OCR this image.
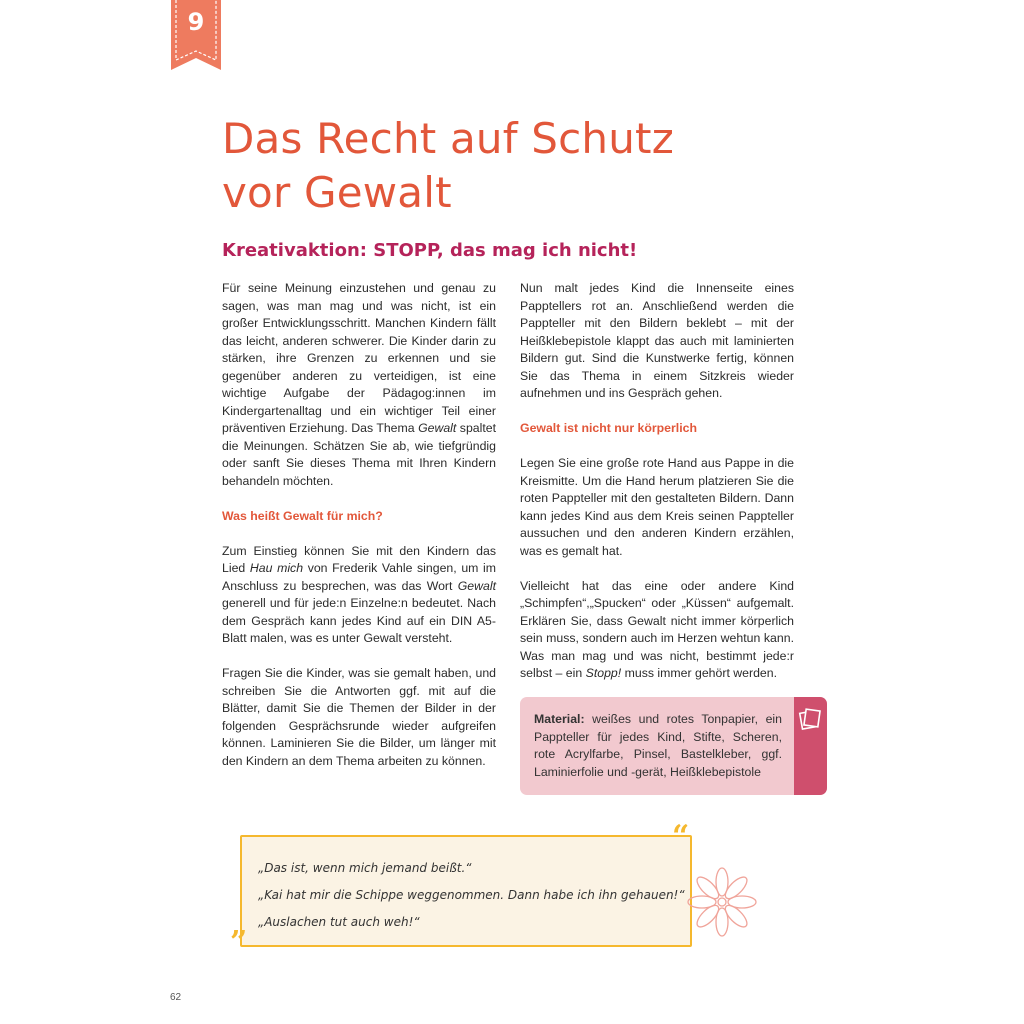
9
Das Recht auf Schutz
vor Gewalt
Kreativaktion: STOPP, das mag ich nicht!

Für seine Meinung einzustehen und genau zu sagen, was man mag und was nicht, ist ein großer Entwicklungsschritt. Manchen Kindern fällt das leicht, anderen schwerer. Die Kinder darin zu stärken, ihre Grenzen zu erkennen und sie gegenüber anderen zu verteidigen, ist eine wichtige Aufgabe der Pädagog:innen im Kindergartenalltag und ein wichtiger Teil einer präventiven Erziehung. Das Thema Gewalt spaltet die Meinungen. Schätzen Sie ab, wie tiefgründig oder sanft Sie dieses Thema mit Ihren Kindern behandeln möchten.

Was heißt Gewalt für mich?

Zum Einstieg können Sie mit den Kindern das Lied Hau mich von Frederik Vahle singen, um im Anschluss zu besprechen, was das Wort Gewalt generell und für jede:n Einzelne:n bedeutet. Nach dem Gespräch kann jedes Kind auf ein DIN A5-Blatt malen, was es unter Gewalt versteht.

Fragen Sie die Kinder, was sie gemalt haben, und schreiben Sie die Antworten ggf. mit auf die Blätter, damit Sie die Themen der Bilder in der folgenden Gesprächsrunde wieder aufgreifen können. Laminieren Sie die Bilder, um länger mit den Kindern an dem Thema arbeiten zu können.

Nun malt jedes Kind die Innenseite eines Papptellers rot an. Anschließend werden die Pappteller mit den Bildern beklebt – mit der Heißklebepistole klappt das auch mit laminierten Bildern gut. Sind die Kunstwerke fertig, können Sie das Thema in einem Sitzkreis wieder aufnehmen und ins Gespräch gehen.

Gewalt ist nicht nur körperlich

Legen Sie eine große rote Hand aus Pappe in die Kreismitte. Um die Hand herum platzieren Sie die roten Pappteller mit den gestalteten Bildern. Dann kann jedes Kind aus dem Kreis seinen Pappteller aussuchen und den anderen Kindern erzählen, was es gemalt hat.

Vielleicht hat das eine oder andere Kind „Schimpfen“,„Spucken“ oder „Küssen“ aufgemalt. Erklären Sie, dass Gewalt nicht immer körperlich sein muss, sondern auch im Herzen wehtun kann. Was man mag und was nicht, bestimmt jede:r selbst – ein Stopp! muss immer gehört werden.

Material: weißes und rotes Tonpapier, ein Pappteller für jedes Kind, Stifte, Scheren, rote Acrylfarbe, Pinsel, Bastelkleber, ggf. Laminierfolie und -gerät, Heißklebepistole
„Das ist, wenn mich jemand beißt.“
„Kai hat mir die Schippe weggenommen. Dann habe ich ihn gehauen!“
„Auslachen tut auch weh!“
“
”
62
